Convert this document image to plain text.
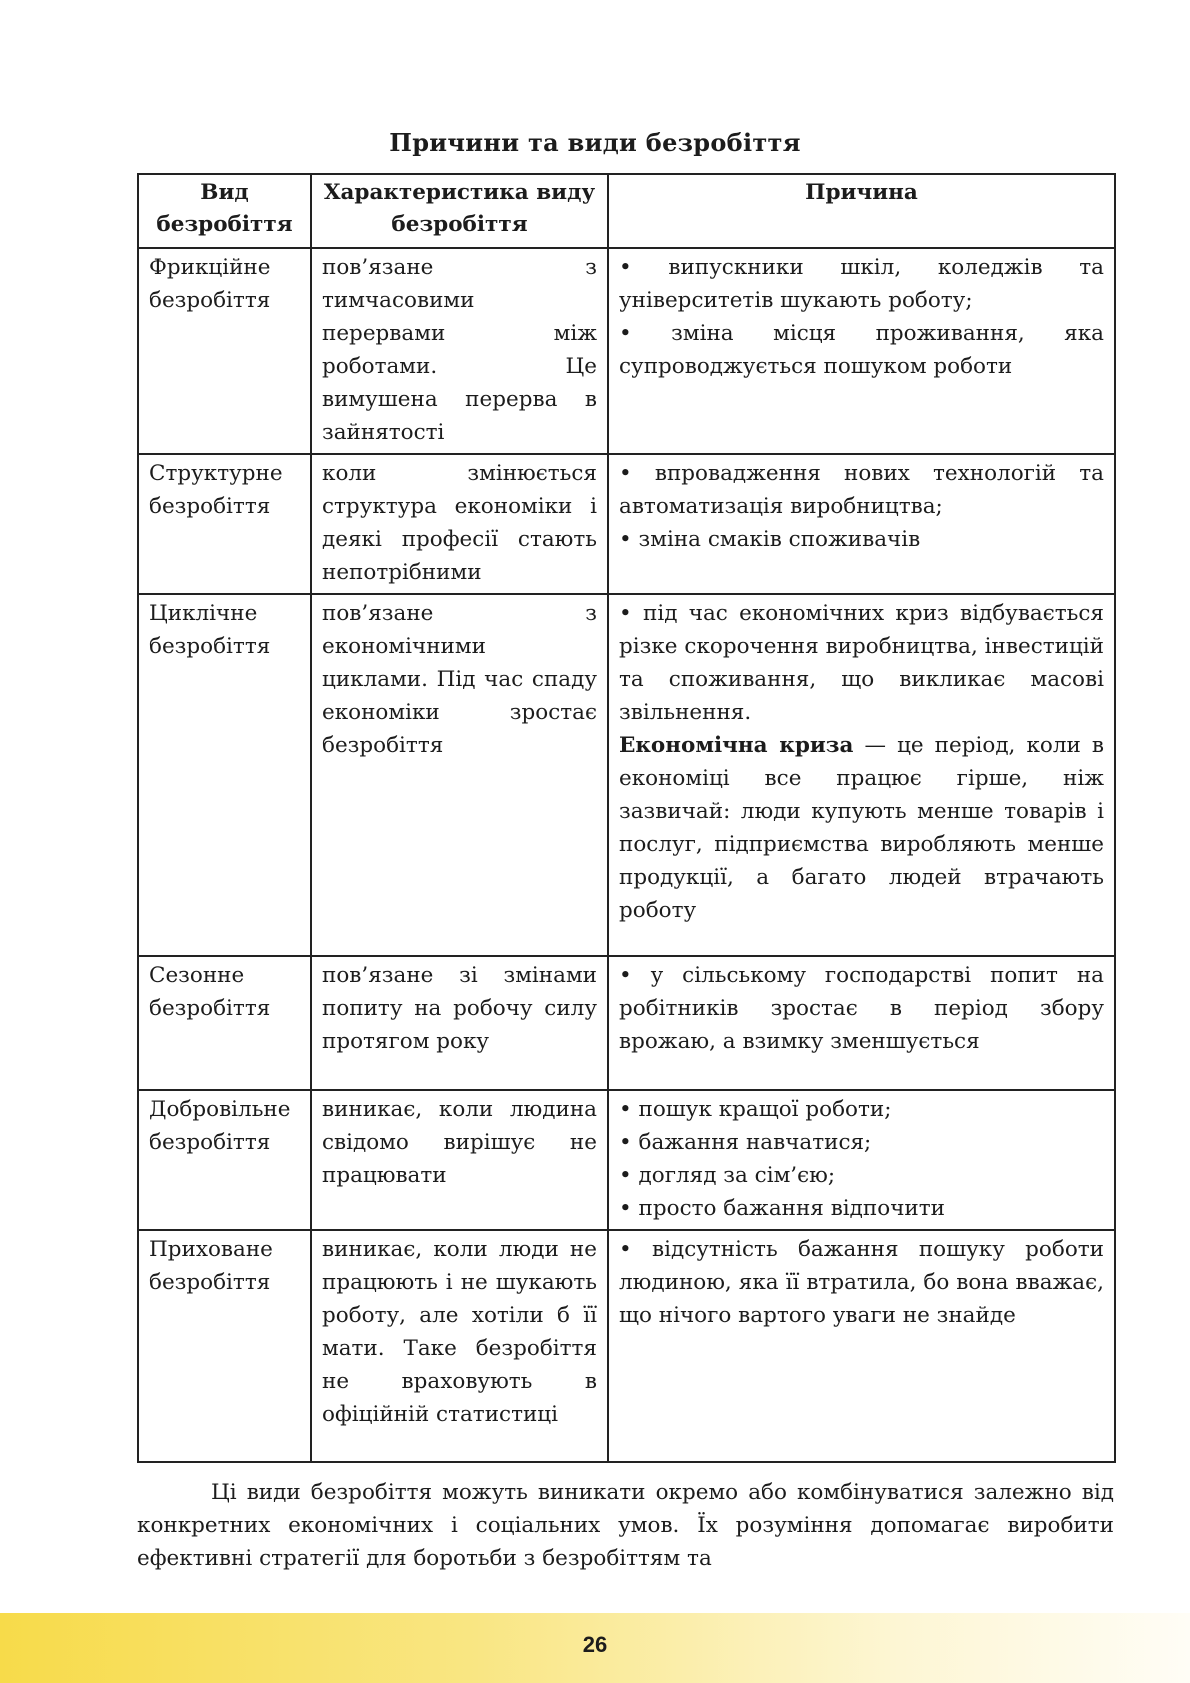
Причини та види безробіття
Вид безробіття	Характеристика виду безробіття	Причина
Фрикційне безробіття	пов’язане з тимчасовими перервами між роботами. Це вимушена перерва в зайнятості	• випускники шкіл, коледжів та університетів шукають роботу;
• зміна місця проживання, яка супроводжується пошуком роботи

Структурне безробіття	коли змінюється структура економіки і деякі професії стають непотрібними	• впровадження нових технологій та автоматизація виробництва;
• зміна смаків споживачів

Циклічне безробіття	пов’язане з економічними циклами. Під час спаду економіки зростає безробіття	• під час економічних криз відбувається різке скорочення виробництва, інвестицій та споживання, що викликає масові звільнення.
Економічна криза — це період, коли в економіці все працює гірше, ніж зазвичай: люди купують менше товарів і послуг, підприємства виробляють менше продукції, а багато людей втрачають роботу
Сезонне безробіття	пов’язане зі змінами попиту на робочу силу протягом року	• у сільському господарстві попит на робітників зростає в період збору врожаю, а взимку зменшується

Добровільне безробіття	виникає, коли людина свідомо вирішує не працювати	• пошук кращої роботи;
• бажання навчатися;
• догляд за сім’єю;
• просто бажання відпочити

Приховане безробіття	виникає, коли люди не працюють і не шукають роботу, але хотіли б її мати. Таке безробіття не враховують в офіційній статистиці	• відсутність бажання пошуку роботи людиною, яка її втратила, бо вона вважає, що нічого вартого уваги не знайде

Ці види безробіття можуть виникати окремо або комбінуватися залежно від конкретних економічних і соціальних умов. Їх розуміння допомагає виробити ефективні стратегії для боротьби з безробіттям та

26
